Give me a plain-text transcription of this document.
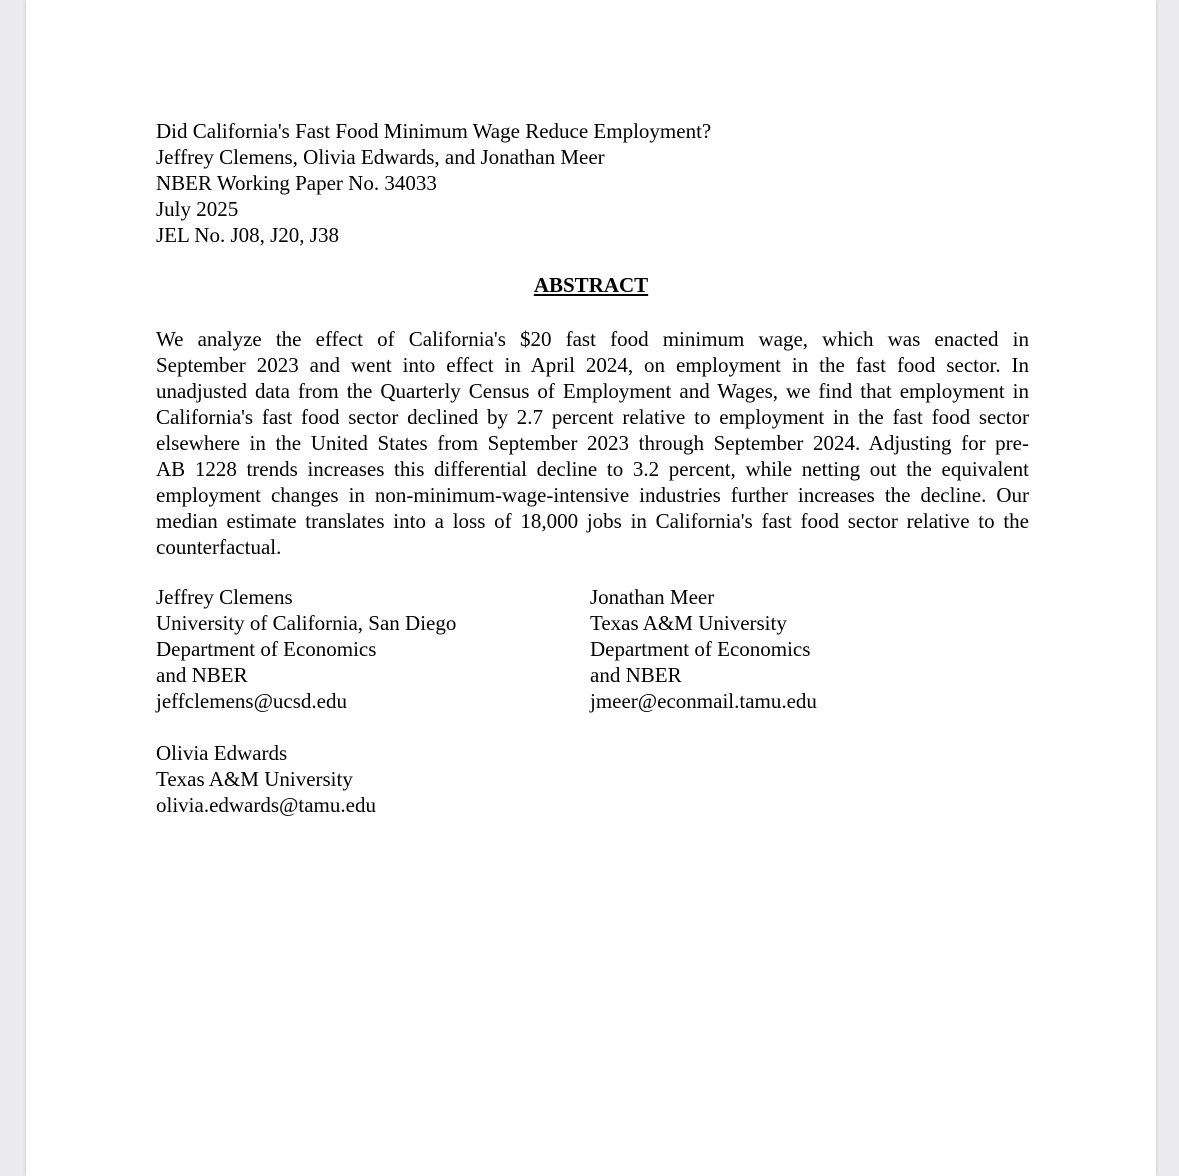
Did California's Fast Food Minimum Wage Reduce Employment?
Jeffrey Clemens, Olivia Edwards, and Jonathan Meer
NBER Working Paper No. 34033
July 2025
JEL No. J08, J20, J38
ABSTRACT
We analyze the effect of California's $20 fast food minimum wage, which was enacted in
September 2023 and went into effect in April 2024, on employment in the fast food sector. In
unadjusted data from the Quarterly Census of Employment and Wages, we find that employment in
California's fast food sector declined by 2.7 percent relative to employment in the fast food sector
elsewhere in the United States from September 2023 through September 2024. Adjusting for pre-
AB 1228 trends increases this differential decline to 3.2 percent, while netting out the equivalent
employment changes in non-minimum-wage-intensive industries further increases the decline. Our
median estimate translates into a loss of 18,000 jobs in California's fast food sector relative to the
counterfactual.
Jeffrey Clemens
University of California, San Diego
Department of Economics
and NBER
jeffclemens@ucsd.edu
Jonathan Meer
Texas A&M University
Department of Economics
and NBER
jmeer@econmail.tamu.edu
Olivia Edwards
Texas A&M University
olivia.edwards@tamu.edu
